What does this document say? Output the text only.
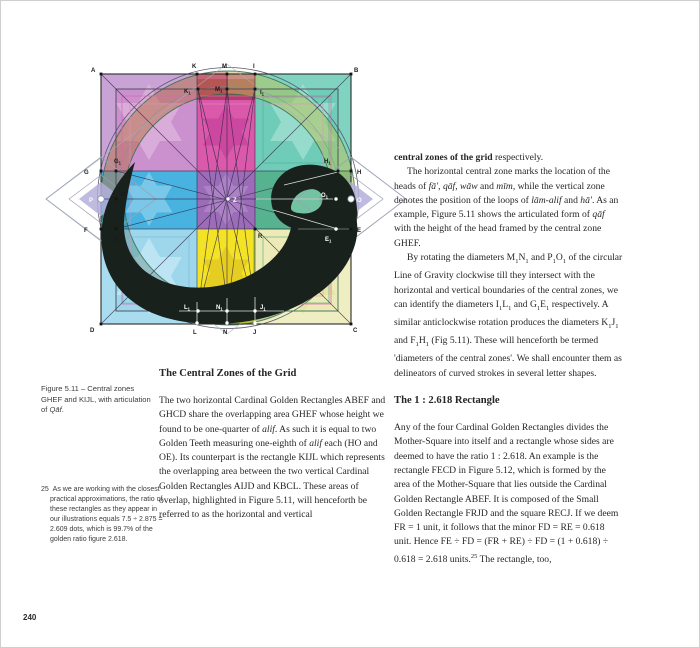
A
K	M	I
B
G	H
P	O
F	E
D	L	N	J	C
$K_1$	$M_1$	$I_1$
$G_1$
$P_1$
$F_1$
$H_1$
$O_1$
$E_1$
$L_1$	$N_1$	$J_1$
Z
R
Figure 5.11 – Central zones GHEF and KIJL, with articulation of Qāf.
25  As we are working with the closest practical approximations, the ratio of these rectangles as they appear in our illustrations equals 7.5 ÷ 2.875 = 2.609 dots, which is 99.7% of the golden ratio figure 2.618.

The Central Zones of the Grid

The two horizontal Cardinal Golden Rectangles ABEF and GHCD share the overlapping area GHEF whose height we found to be one-quarter of alif. As such it is equal to two Golden Teeth measuring one-eighth of alif each (HO and OE). Its counterpart is the rectangle KIJL which represents the overlapping area between the two vertical Cardinal Golden Rectangles AIJD and KBCL. These areas of overlap, highlighted in Figure 5.11, will henceforth be referred to as the horizontal and vertical

central zones of the grid respectively.

The horizontal central zone marks the location of the heads of fā', qāf, wāw and mīm, while the vertical zone denotes the position of the loops of lām-alif and hā'. As an example, Figure 5.11 shows the articulated form of qāf with the height of the head framed by the central zone GHEF.

By rotating the diameters $M_1N_1$ and $P_1O_1$ of the circular Line of Gravity clockwise till they intersect with the horizontal and vertical boundaries of the central zones, we can identify the diameters $I_1L_1$ and $G_1E_1$ respectively. A similar anticlockwise rotation produces the diameters $K_1J_1$ and $F_1H_1$ (Fig 5.11). These will henceforth be termed 'diameters of the central zones'. We shall encounter them as delineators of curved strokes in several letter shapes.

The 1 : 2.618 Rectangle

Any of the four Cardinal Golden Rectangles divides the Mother-Square into itself and a rectangle whose sides are deemed to have the ratio 1 : 2.618. An example is the rectangle FECD in Figure 5.12, which is formed by the area of the Mother-Square that lies outside the Cardinal Golden Rectangle ABEF. It is composed of the Small Golden Rectangle FRJD and the square RECJ. If we deem FR = 1 unit, it follows that the minor FD = RE = 0.618 unit. Hence FE ÷ FD = (FR + RE) ÷ FD = (1 + 0.618) ÷ 0.618 = 2.618 units.$^{25}$ The rectangle, too,

240
